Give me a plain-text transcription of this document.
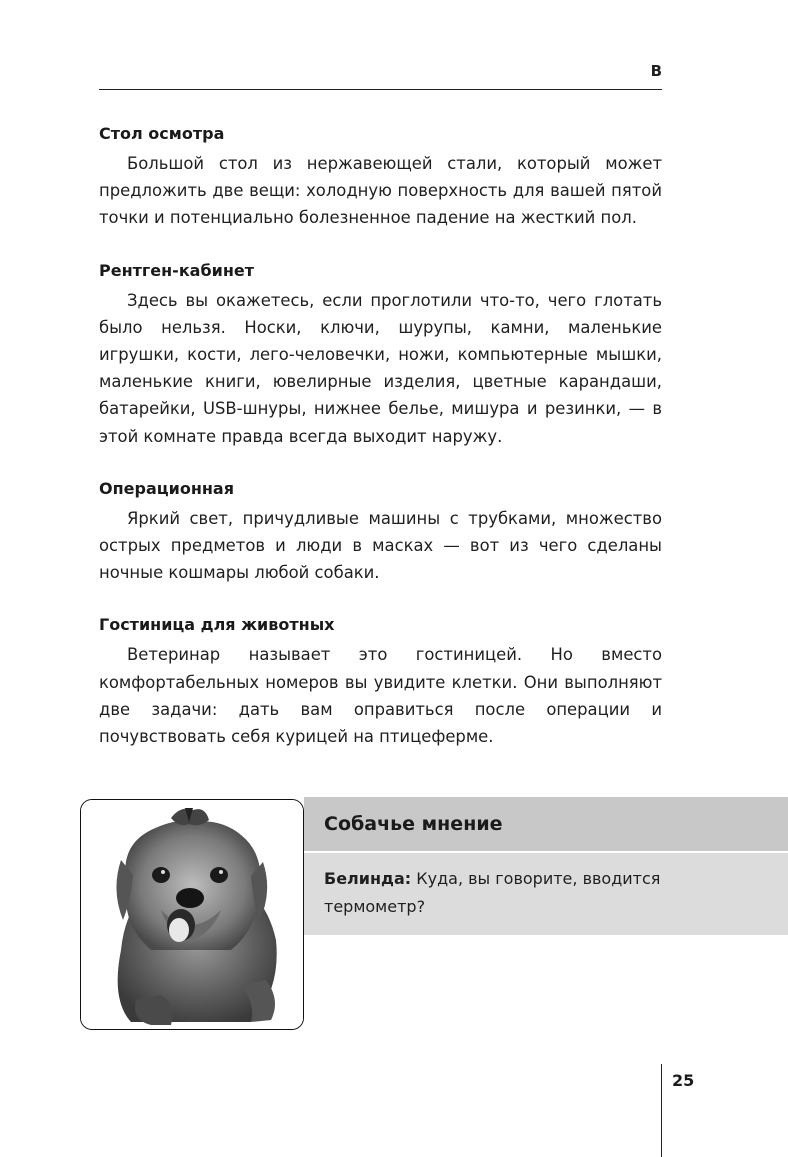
В
Стол осмотра

Большой стол из нержавеющей стали, который может предложить две вещи: холодную поверхность для вашей пятой точки и потенциально болезненное падение на жесткий пол.

Рентген-кабинет

Здесь вы окажетесь, если проглотили что-то, чего глотать было нельзя. Носки, ключи, шурупы, камни, маленькие игрушки, кости, лего-человечки, ножи, компьютерные мышки, маленькие книги, ювелирные изделия, цветные карандаши, батарейки, USB-шнуры, нижнее белье, мишура и резинки, — в этой комнате правда всегда выходит наружу.

Операционная

Яркий свет, причудливые машины с трубками, множество острых предметов и люди в масках — вот из чего сделаны ночные кошмары любой собаки.

Гостиница для животных

Ветеринар называет это гостиницей. Но вместо комфортабельных номеров вы увидите клетки. Они выполняют две задачи: дать вам оправиться после операции и почувствовать себя курицей на птицеферме.

Собачье мнение
Белинда: Куда, вы говорите, вводится термометр?
25
